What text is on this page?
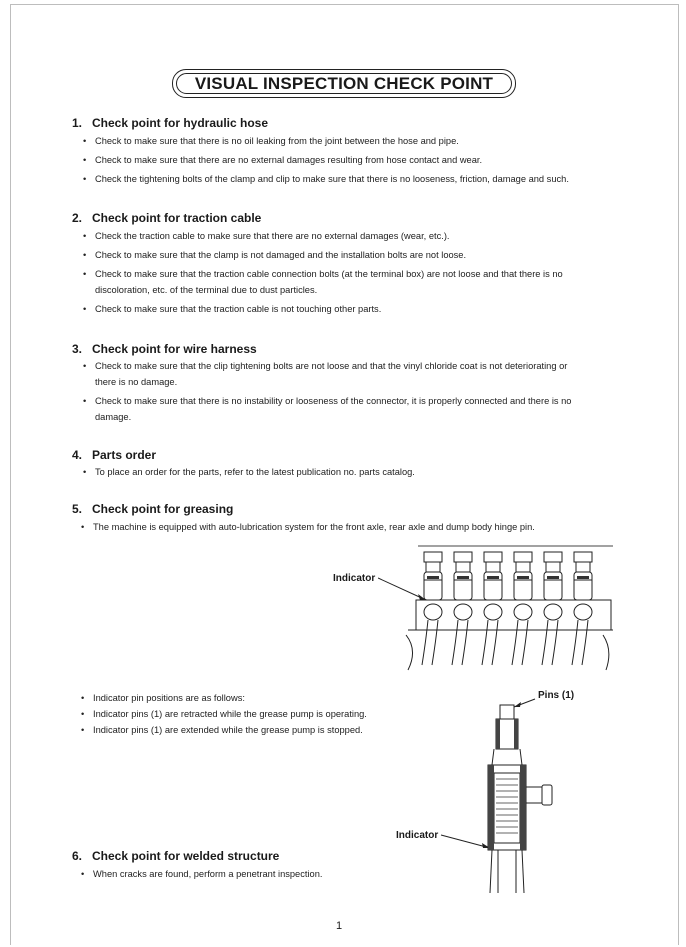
VISUAL INSPECTION CHECK POINT
1. Check point for hydraulic hose
• Check to make sure that there is no oil leaking from the joint between the hose and pipe.
• Check to make sure that there are no external damages resulting from hose contact and wear.
• Check the tightening bolts of the clamp and clip to make sure that there is no looseness, friction, damage and such.
2. Check point for traction cable
• Check the traction cable to make sure that there are no external damages (wear, etc.).
• Check to make sure that the clamp is not damaged and the installation bolts are not loose.
• Check to make sure that the traction cable connection bolts (at the terminal box) are not loose and that there is no
discoloration, etc. of the terminal due to dust particles.
• Check to make sure that the traction cable is not touching other parts.
3. Check point for wire harness
• Check to make sure that the clip tightening bolts are not loose and that the vinyl chloride coat is not deteriorating or
there is no damage.
• Check to make sure that there is no instability or looseness of the connector, it is properly connected and there is no
damage.
4. Parts order
• To place an order for the parts, refer to the latest publication no. parts catalog.
5. Check point for greasing
• The machine is equipped with auto-lubrication system for the front axle, rear axle and dump body hinge pin.
Indicator
• Indicator pin positions are as follows:
• Indicator pins (1) are retracted while the grease pump is operating.
• Indicator pins (1) are extended while the grease pump is stopped.
Pins (1)
Indicator
6. Check point for welded structure
• When cracks are found, perform a penetrant inspection.
1
